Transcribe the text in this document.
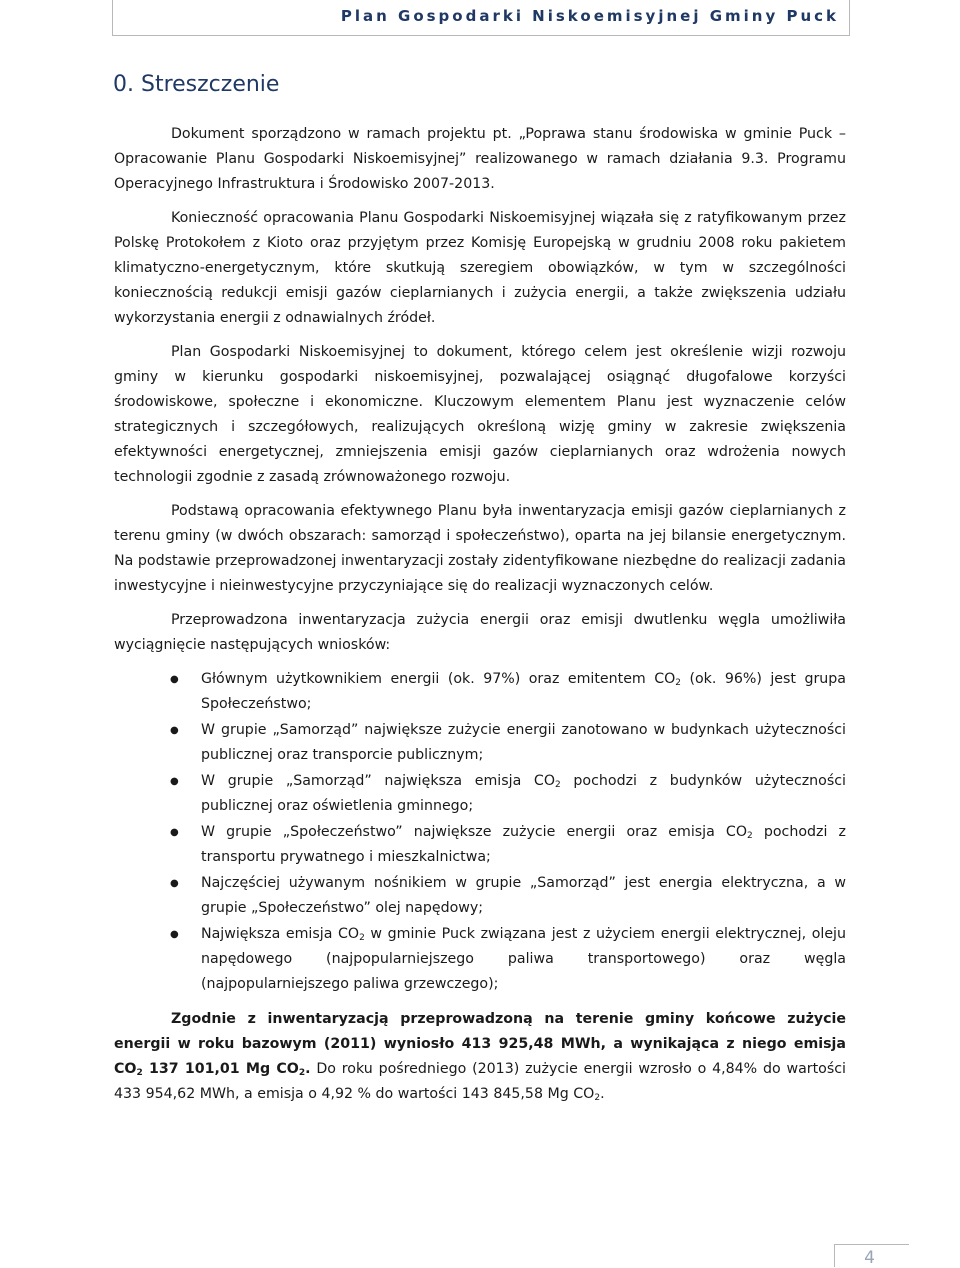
Plan Gospodarki Niskoemisyjnej Gminy Puck

0. Streszczenie

Dokument sporządzono w ramach projektu pt. „Poprawa stanu środowiska w gminie Puck – Opracowanie Planu Gospodarki Niskoemisyjnej” realizowanego w ramach działania 9.3. Programu Operacyjnego Infrastruktura i Środowisko 2007-2013.

Konieczność opracowania Planu Gospodarki Niskoemisyjnej wiązała się z ratyfikowanym przez Polskę Protokołem z Kioto oraz przyjętym przez Komisję Europejską w grudniu 2008 roku pakietem klimatyczno-energetycznym, które skutkują szeregiem obowiązków, w tym w szczególności koniecznością redukcji emisji gazów cieplarnianych i zużycia energii, a także zwiększenia udziału wykorzystania energii z odnawialnych źródeł.

Plan Gospodarki Niskoemisyjnej to dokument, którego celem jest określenie wizji rozwoju gminy w kierunku gospodarki niskoemisyjnej, pozwalającej osiągnąć długofalowe korzyści środowiskowe, społeczne i ekonomiczne. Kluczowym elementem Planu jest wyznaczenie celów strategicznych i szczegółowych, realizujących określoną wizję gminy w zakresie zwiększenia efektywności energetycznej, zmniejszenia emisji gazów cieplarnianych oraz wdrożenia nowych technologii zgodnie z zasadą zrównoważonego rozwoju.

Podstawą opracowania efektywnego Planu była inwentaryzacja emisji gazów cieplarnianych z terenu gminy (w dwóch obszarach: samorząd i społeczeństwo), oparta na jej bilansie energetycznym. Na podstawie przeprowadzonej inwentaryzacji zostały zidentyfikowane niezbędne do realizacji zadania inwestycyjne i nieinwestycyjne przyczyniające się do realizacji wyznaczonych celów.

Przeprowadzona inwentaryzacja zużycia energii oraz emisji dwutlenku węgla umożliwiła wyciągnięcie następujących wniosków:

● Głównym użytkownikiem energii (ok. 97%) oraz emitentem $CO_2$ (ok. 96%) jest grupa Społeczeństwo;
● W grupie „Samorząd” największe zużycie energii zanotowano w budynkach użyteczności publicznej oraz transporcie publicznym;
● W grupie „Samorząd” największa emisja $CO_2$ pochodzi z budynków użyteczności publicznej oraz oświetlenia gminnego;
● W grupie „Społeczeństwo” największe zużycie energii oraz emisja $CO_2$ pochodzi z transportu prywatnego i mieszkalnictwa;
● Najczęściej używanym nośnikiem w grupie „Samorząd” jest energia elektryczna, a w grupie „Społeczeństwo” olej napędowy;
● Największa emisja $CO_2$ w gminie Puck związana jest z użyciem energii elektrycznej, oleju napędowego (najpopularniejszego paliwa transportowego) oraz węgla (najpopularniejszego paliwa grzewczego);

Zgodnie z inwentaryzacją przeprowadzoną na terenie gminy końcowe zużycie energii w roku bazowym (2011) wyniosło 413 925,48 MWh, a wynikająca z niego emisja $CO_2$ 137 101,01 Mg $CO_2$. Do roku pośredniego (2013) zużycie energii wzrosło o 4,84% do wartości 433 954,62 MWh, a emisja o 4,92 % do wartości 143 845,58 Mg $CO_2$.

4
